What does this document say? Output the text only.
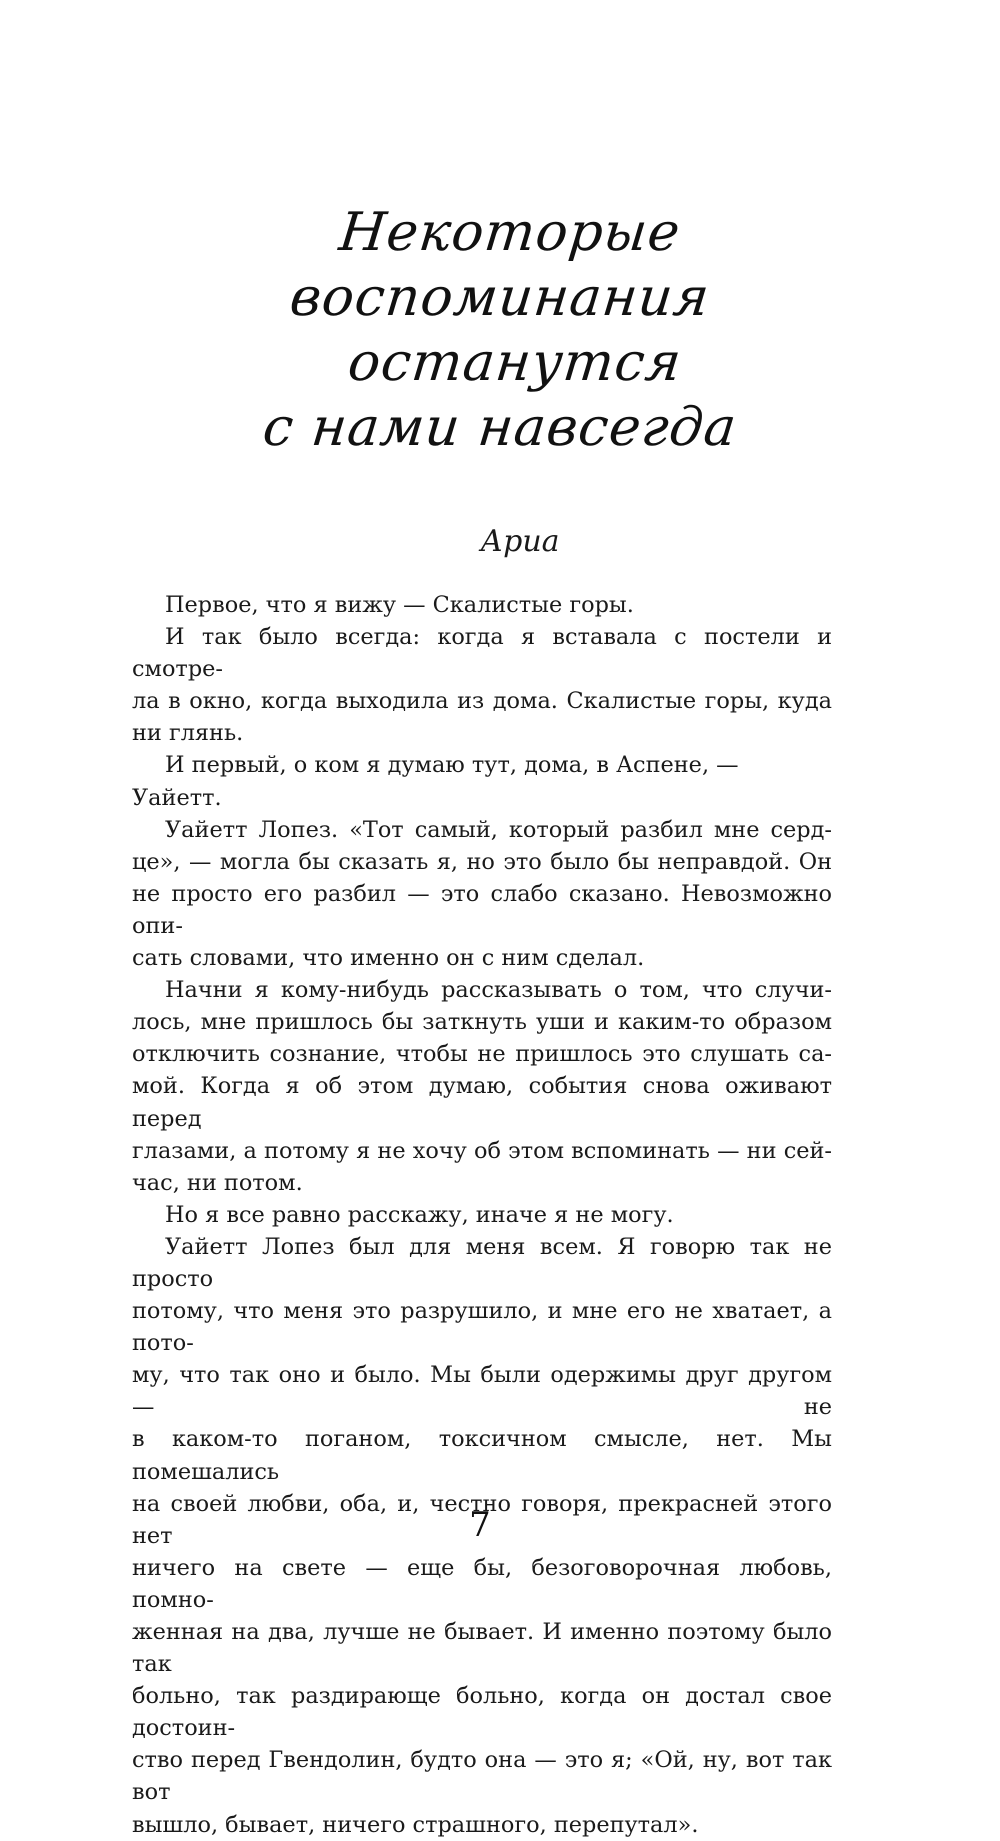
Некоторые
воспоминания
останутся
с нами навсегда
Ариа

Первое, что я вижу — Скалистые горы.

И так было всегда: когда я вставала с постели и смотре-

ла в окно, когда выходила из дома. Скалистые горы, куда

ни глянь.

И первый, о ком я думаю тут, дома, в Аспене, — Уайетт.

Уайетт Лопез. «Тот самый, который разбил мне серд-

це», — могла бы сказать я, но это было бы неправдой. Он

не просто его разбил — это слабо сказано. Невозможно опи-

сать словами, что именно он с ним сделал.

Начни я кому-нибудь рассказывать о том, что случи-

лось, мне пришлось бы заткнуть уши и каким-то образом

отключить сознание, чтобы не пришлось это слушать са-

мой. Когда я об этом думаю, события снова оживают перед

глазами, а потому я не хочу об этом вспоминать — ни сей-

час, ни потом.

Но я все равно расскажу, иначе я не могу.

Уайетт Лопез был для меня всем. Я говорю так не просто

потому, что меня это разрушило, и мне его не хватает, а пото-

му, что так оно и было. Мы были одержимы друг другом — не

в каком-то поганом, токсичном смысле, нет. Мы помешались

на своей любви, оба, и, честно говоря, прекрасней этого нет

ничего на свете — еще бы, безоговорочная любовь, помно-

женная на два, лучше не бывает. И именно поэтому было так

больно, так раздирающе больно, когда он достал свое достоин-

ство перед Гвендолин, будто она — это я; «Ой, ну, вот так вот

вышло, бывает, ничего страшного, перепутал».

7
